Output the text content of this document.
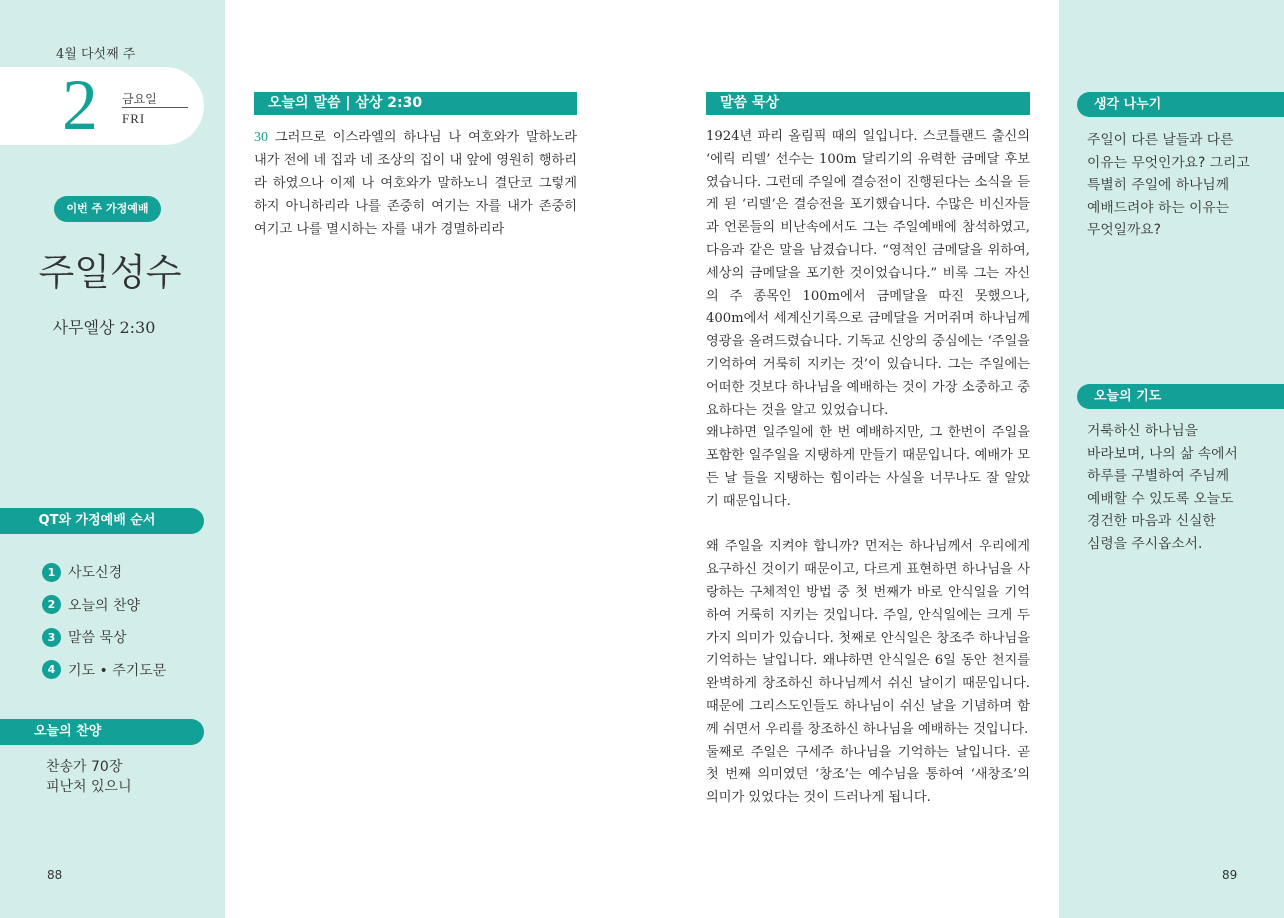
4월 다섯째 주
2 금요일
FRI
이번 주 가정예배
주일성수
사무엘상 2:30
QT와 가정예배 순서
1 사도신경
2 오늘의 찬양
3 말씀 묵상
4 기도 • 주기도문
오늘의 찬양
찬송가 70장
피난처 있으니
88
오늘의 말씀 | 삼상 2:30
30 그러므로 이스라엘의 하나님 나 여호와가 말하노라 내가 전에 네 집과 네 조상의 집이 내 앞에 영원히 행하리라 하였으나 이제 나 여호와가 말하노니 결단코 그렇게 하지 아니하리라 나를 존중히 여기는 자를 내가 존중히 여기고 나를 멸시하는 자를 내가 경멸하리라
말씀 묵상

1924년 파리 올림픽 때의 일입니다. 스코틀랜드 출신의 ‘에릭 리델’ 선수는 100m 달리기의 유력한 금메달 후보였습니다. 그런데 주일에 결승전이 진행된다는 소식을 듣게 된 ‘리델’은 결승전을 포기했습니다. 수많은 비신자들과 언론들의 비난속에서도 그는 주일예배에 참석하였고, 다음과 같은 말을 남겼습니다. “영적인 금메달을 위하여, 세상의 금메달을 포기한 것이었습니다.” 비록 그는 자신의 주 종목인 100m에서 금메달을 따진 못했으나, 400m에서 세계신기록으로 금메달을 거머쥐며 하나님께 영광을 올려드렸습니다. 기독교 신앙의 중심에는 ‘주일을 기억하여 거룩히 지키는 것’이 있습니다. 그는 주일에는 어떠한 것보다 하나님을 예배하는 것이 가장 소중하고 중요하다는 것을 알고 있었습니다.

왜냐하면 일주일에 한 번 예배하지만, 그 한번이 주일을 포함한 일주일을 지탱하게 만들기 때문입니다. 예배가 모든 날 들을 지탱하는 힘이라는 사실을 너무나도 잘 알았기 때문입니다.

왜 주일을 지켜야 합니까? 먼저는 하나님께서 우리에게 요구하신 것이기 때문이고, 다르게 표현하면 하나님을 사랑하는 구체적인 방법 중 첫 번째가 바로 안식일을 기억하여 거룩히 지키는 것입니다. 주일, 안식일에는 크게 두 가지 의미가 있습니다. 첫째로 안식일은 창조주 하나님을 기억하는 날입니다. 왜냐하면 안식일은 6일 동안 천지를 완벽하게 창조하신 하나님께서 쉬신 날이기 때문입니다. 때문에 그리스도인들도 하나님이 쉬신 날을 기념하며 함께 쉬면서 우리를 창조하신 하나님을 예배하는 것입니다.

둘째로 주일은 구세주 하나님을 기억하는 날입니다. 곧 첫 번째 의미였던 ‘창조’는 예수님을 통하여 ‘새창조’의 의미가 있었다는 것이 드러나게 됩니다.

생각 나누기
주일이 다른 날들과 다른
이유는 무엇인가요? 그리고
특별히 주일에 하나님께
예배드려야 하는 이유는
무엇일까요?
오늘의 기도
거룩하신 하나님을
바라보며, 나의 삶 속에서
하루를 구별하여 주님께
예배할 수 있도록 오늘도
경건한 마음과 신실한
심령을 주시옵소서.
89
